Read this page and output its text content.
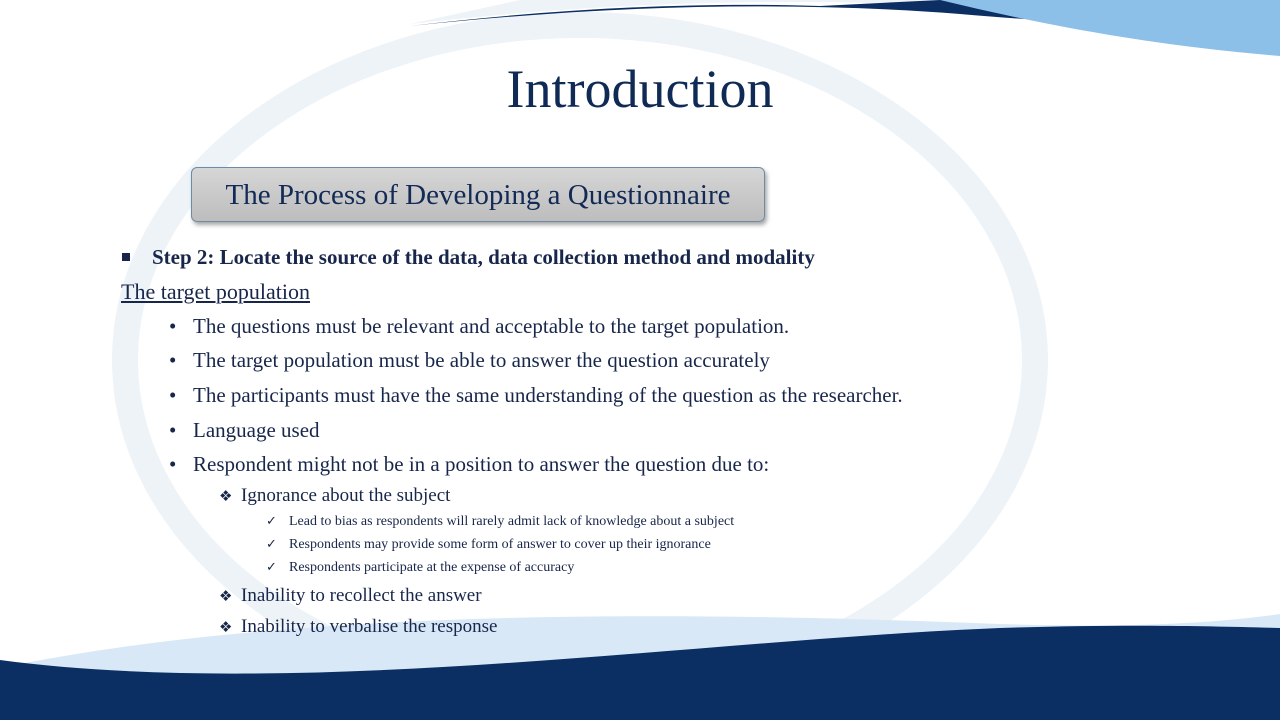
Introduction
The Process of Developing a Questionnaire
Step 2: Locate the source of the data, data collection method and modality
The target population
• The questions must be relevant and acceptable to the target population.
• The target population must be able to answer the question accurately
• The participants must have the same understanding of the question as the researcher.
• Language used
• Respondent might not be in a position to answer the question due to:
❖ Ignorance about the subject
✓ Lead to bias as respondents will rarely admit lack of knowledge about a subject
✓ Respondents may provide some form of answer to cover up their ignorance
✓ Respondents participate at the expense of accuracy
❖ Inability to recollect the answer
❖ Inability to verbalise the response
